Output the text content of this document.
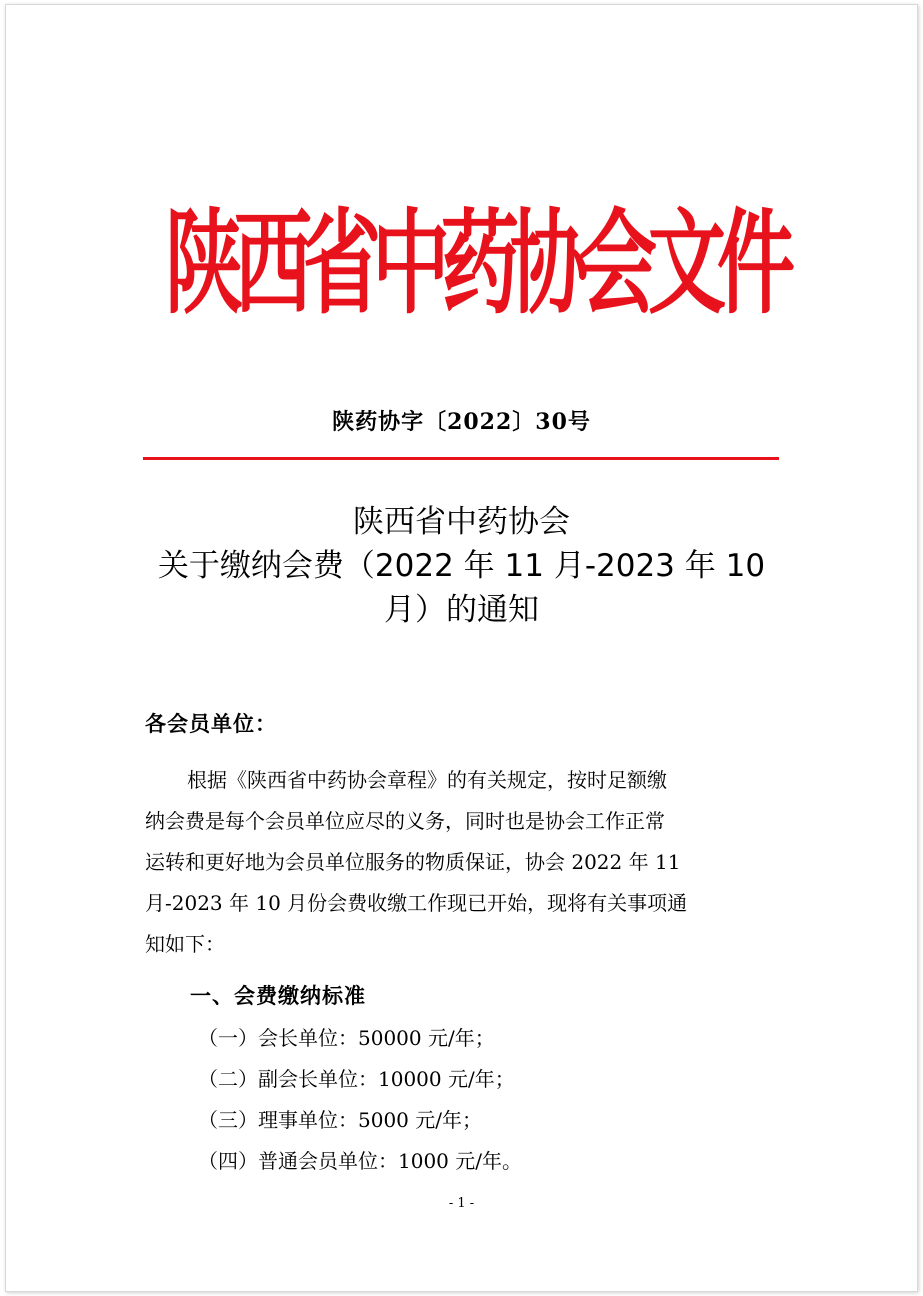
陕
西
省
中
药
协
会
文
件
陕药协字〔2022〕30号
陕西省中药协会
关于缴纳会费（2022 年 11 月-2023 年 10
月）的通知
各会员单位：
根据《陕西省中药协会章程》的有关规定，按时足额缴
纳会费是每个会员单位应尽的义务，同时也是协会工作正常
运转和更好地为会员单位服务的物质保证，协会 2022 年 11
月-2023 年 10 月份会费收缴工作现已开始，现将有关事项通
知如下：
一、会费缴纳标准
（一）会长单位：50000 元/年；
（二）副会长单位：10000 元/年；
（三）理事单位：5000 元/年；
（四）普通会员单位：1000 元/年。
- 1 -
